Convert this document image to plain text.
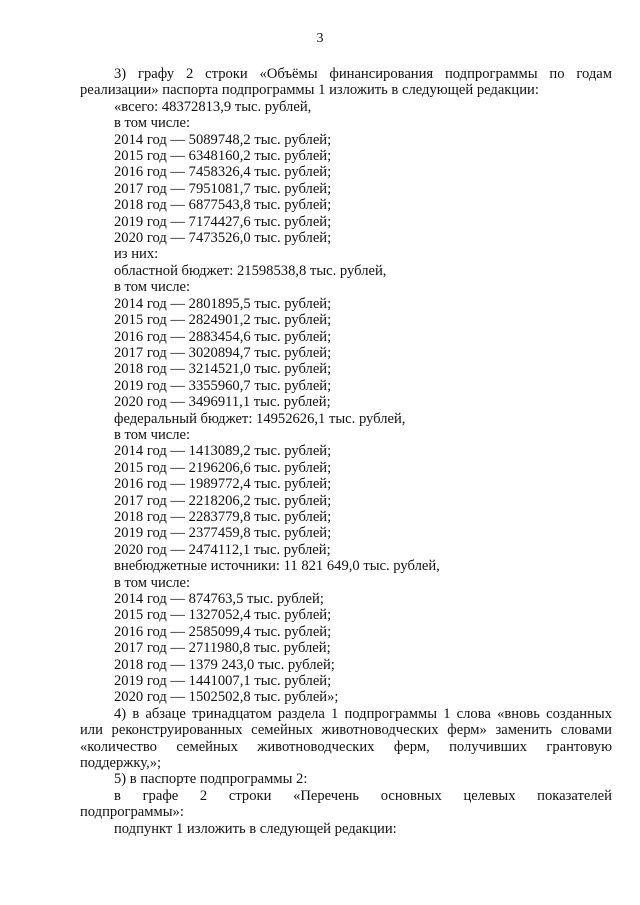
3
3) графу 2 строки «Объёмы финансирования подпрограммы по годам реализации» паспорта подпрограммы 1 изложить в следующей редакции:
«всего: 48372813,9 тыс. рублей,
в том числе:
2014 год — 5089748,2 тыс. рублей;
2015 год — 6348160,2 тыс. рублей;
2016 год — 7458326,4 тыс. рублей;
2017 год — 7951081,7 тыс. рублей;
2018 год — 6877543,8 тыс. рублей;
2019 год — 7174427,6 тыс. рублей;
2020 год — 7473526,0 тыс. рублей;
из них:
областной бюджет: 21598538,8 тыс. рублей,
в том числе:
2014 год — 2801895,5 тыс. рублей;
2015 год — 2824901,2 тыс. рублей;
2016 год — 2883454,6 тыс. рублей;
2017 год — 3020894,7 тыс. рублей;
2018 год — 3214521,0 тыс. рублей;
2019 год — 3355960,7 тыс. рублей;
2020 год — 3496911,1 тыс. рублей;
федеральный бюджет: 14952626,1 тыс. рублей,
в том числе:
2014 год — 1413089,2 тыс. рублей;
2015 год — 2196206,6 тыс. рублей;
2016 год — 1989772,4 тыс. рублей;
2017 год — 2218206,2 тыс. рублей;
2018 год — 2283779,8 тыс. рублей;
2019 год — 2377459,8 тыс. рублей;
2020 год — 2474112,1 тыс. рублей;
внебюджетные источники: 11 821 649,0 тыс. рублей,
в том числе:
2014 год — 874763,5 тыс. рублей;
2015 год — 1327052,4 тыс. рублей;
2016 год — 2585099,4 тыс. рублей;
2017 год — 2711980,8 тыс. рублей;
2018 год — 1379 243,0 тыс. рублей;
2019 год — 1441007,1 тыс. рублей;
2020 год — 1502502,8 тыс. рублей»;
4) в абзаце тринадцатом раздела 1 подпрограммы 1 слова «вновь созданных или реконструированных семейных животноводческих ферм» заменить словами «количество семейных животноводческих ферм, получивших грантовую поддержку,»;
5) в паспорте подпрограммы 2:
в графе 2 строки «Перечень основных целевых показателей
подпрограммы»:
подпункт 1 изложить в следующей редакции:
